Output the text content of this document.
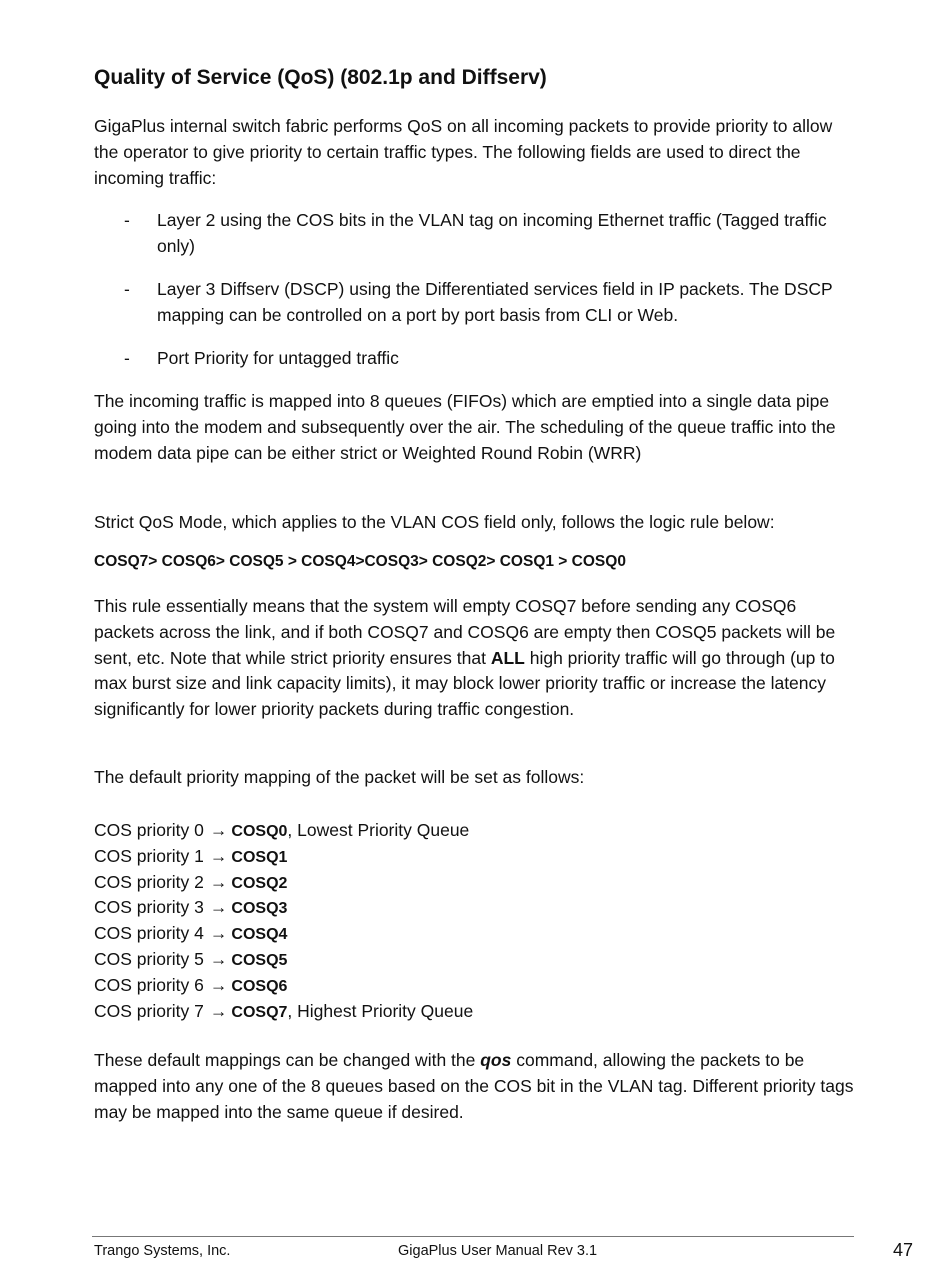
Quality of Service (QoS) (802.1p and Diffserv)

GigaPlus internal switch fabric performs QoS on all incoming packets to provide priority to allow the operator to give priority to certain traffic types. The following fields are used to direct the incoming traffic:

- Layer 2 using the COS bits in the VLAN tag on incoming Ethernet traffic (Tagged traffic only)
- Layer 3 Diffserv (DSCP) using the Differentiated services field in IP packets. The DSCP mapping can be controlled on a port by port basis from CLI or Web.
- Port Priority for untagged traffic

The incoming traffic is mapped into 8 queues (FIFOs) which are emptied into a single data pipe going into the modem and subsequently over the air. The scheduling of the queue traffic into the modem data pipe can be either strict or Weighted Round Robin (WRR)

Strict QoS Mode, which applies to the VLAN COS field only, follows the logic rule below:

COSQ7> COSQ6> COSQ5 > COSQ4>COSQ3> COSQ2> COSQ1 > COSQ0

This rule essentially means that the system will empty COSQ7 before sending any COSQ6 packets across the link, and if both COSQ7 and COSQ6 are empty then COSQ5 packets will be sent, etc. Note that while strict priority ensures that ALL high priority traffic will go through (up to max burst size and link capacity limits), it may block lower priority traffic or increase the latency significantly for lower priority packets during traffic congestion.

The default priority mapping of the packet will be set as follows:

COS priority 0 → COSQ0, Lowest Priority Queue
COS priority 1 → COSQ1
COS priority 2 → COSQ2
COS priority 3 → COSQ3
COS priority 4 → COSQ4
COS priority 5 → COSQ5
COS priority 6 → COSQ6
COS priority 7 → COSQ7, Highest Priority Queue

These default mappings can be changed with the qos command, allowing the packets to be mapped into any one of the 8 queues based on the COS bit in the VLAN tag. Different priority tags may be mapped into the same queue if desired.

Trango Systems, Inc.	GigaPlus User Manual Rev 3.1	47
